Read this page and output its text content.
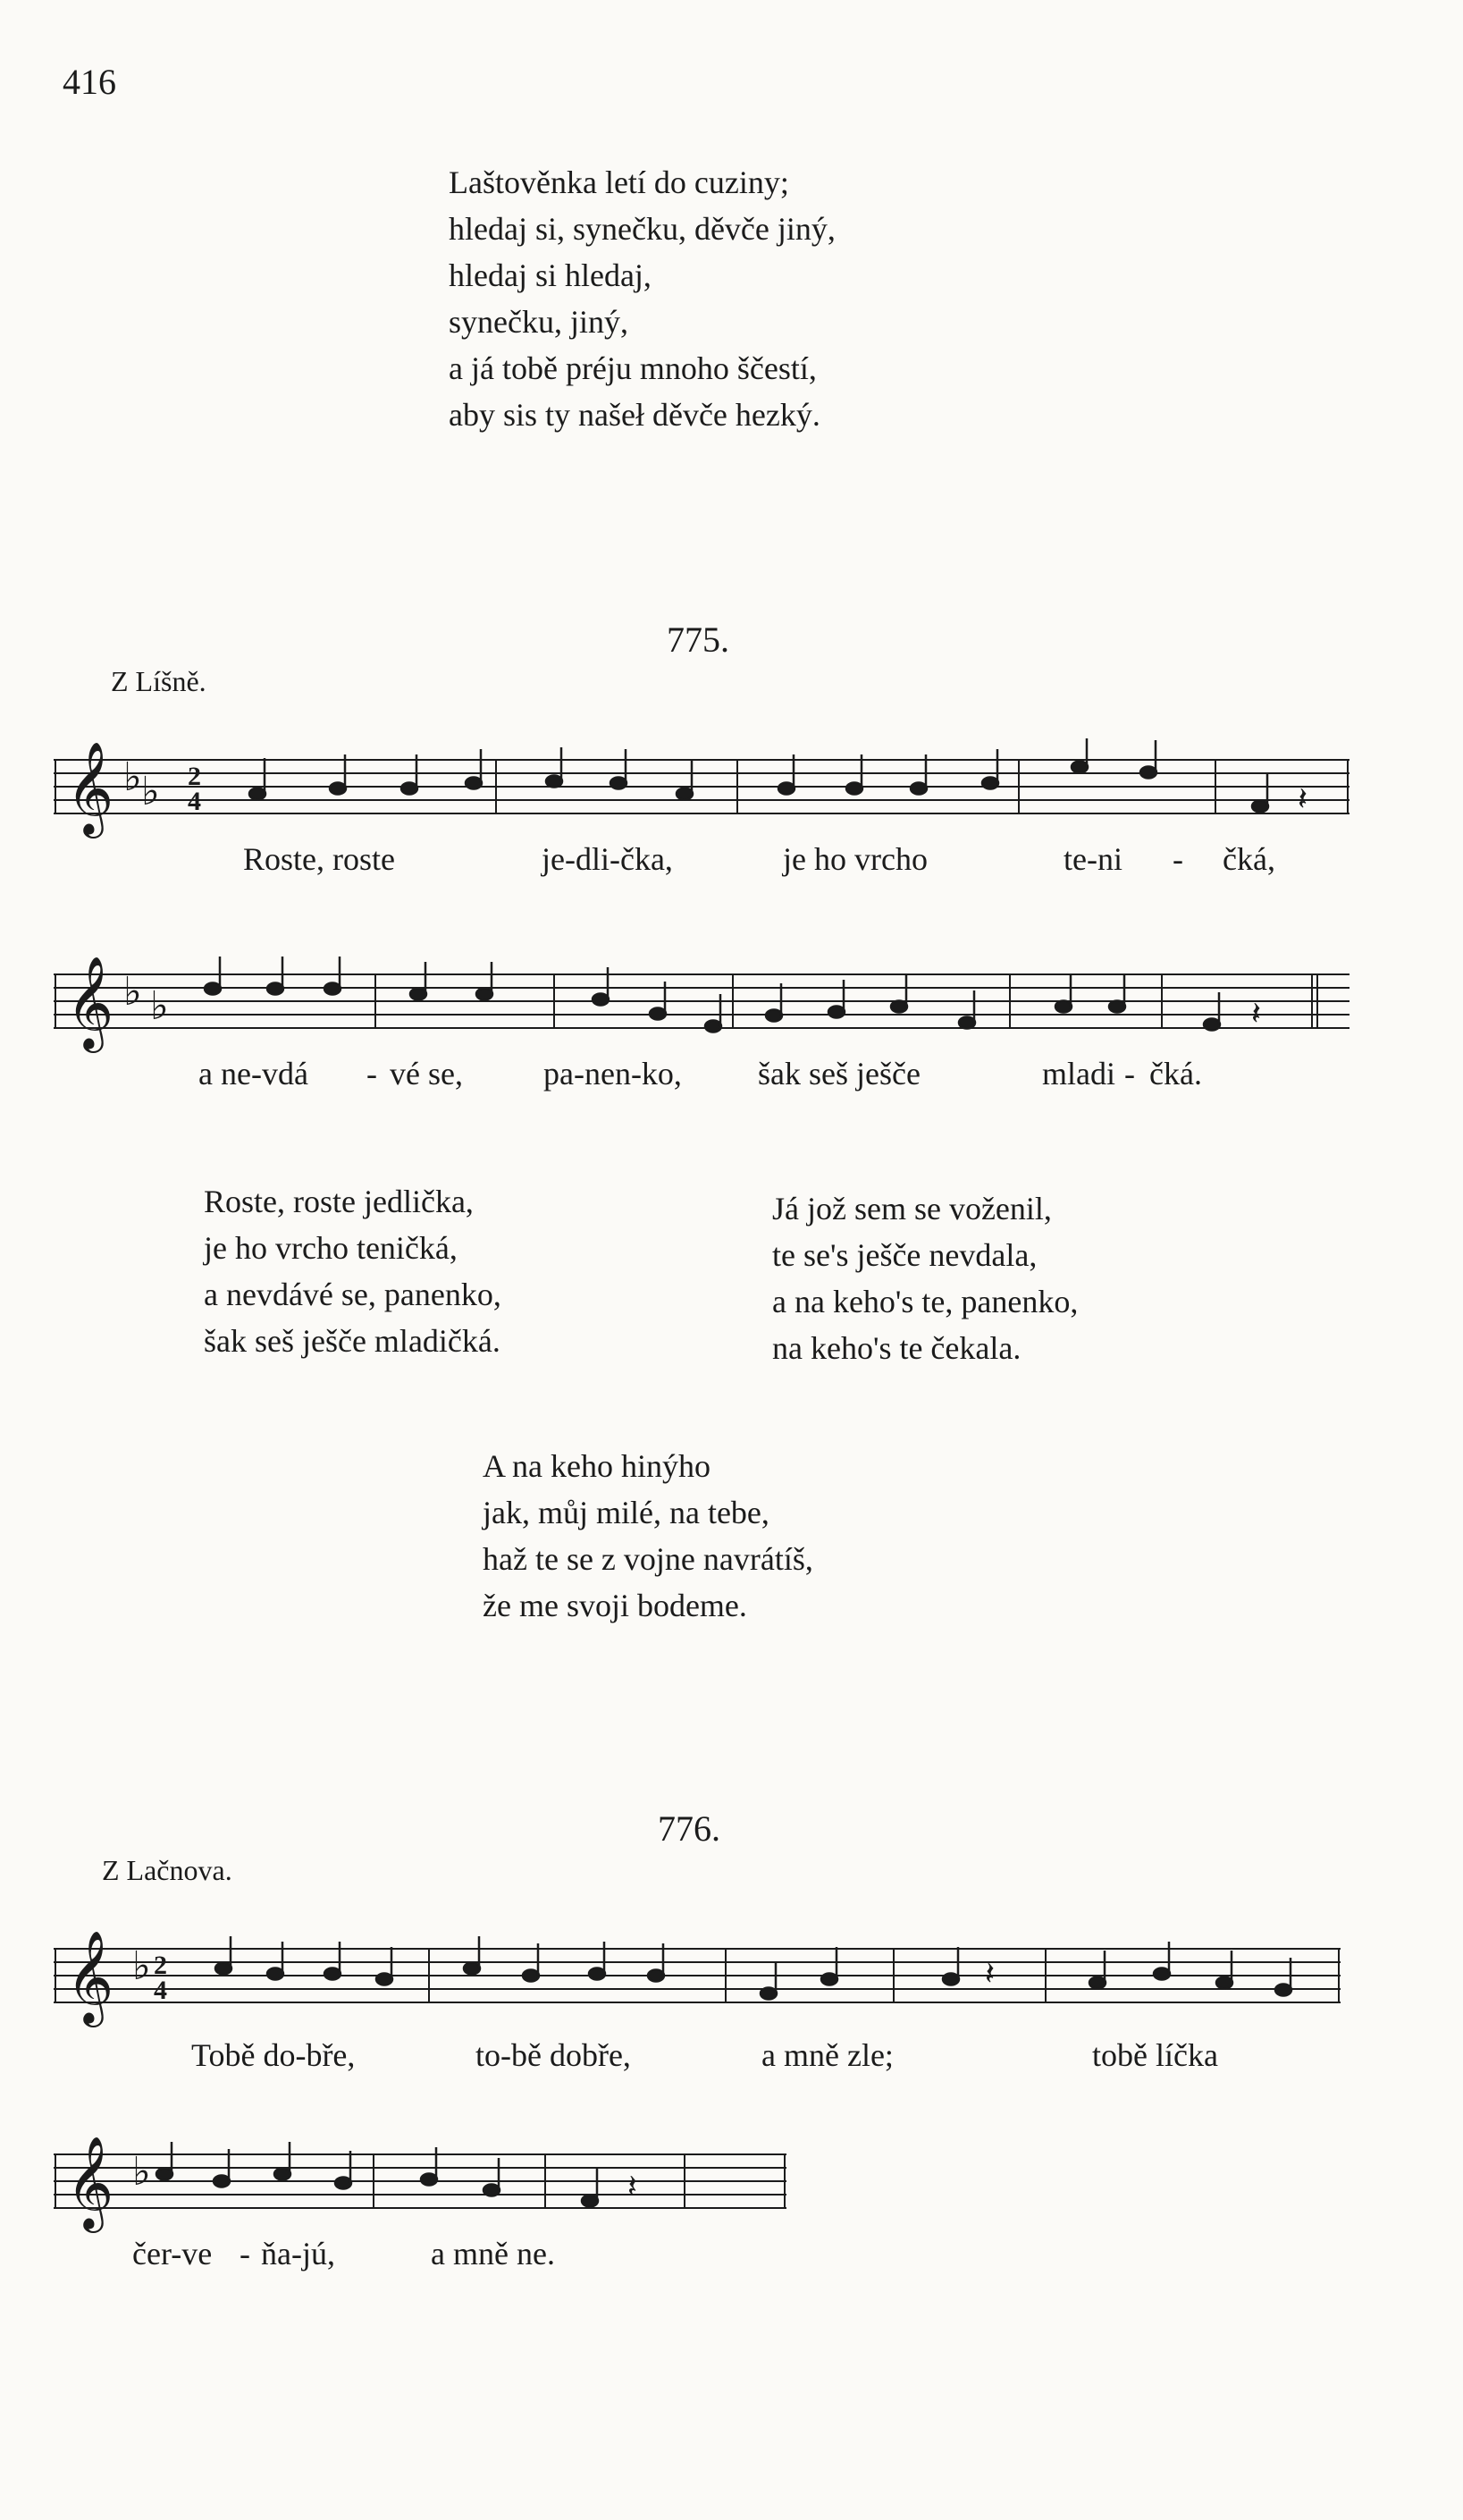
416
Laštověnka letí do cuziny;
hledaj si, synečku, děvče jiný,
hledaj si hledaj,
synečku, jiný,
a já tobě préju mnoho ščestí,
aby sis ty našeł děvče hezký.
775.
Z Líšně.
𝄞 ♭ ♭ 2
4	𝄽
Roste, roste	je-dli-čka,	je ho vrcho	te-ni - čká,
𝄞 ♭ ♭	𝄽
a ne-vdá - vé se,	pa-nen-ko, šak seš ješče	mladi - čká.
Roste, roste jedlička,
je ho vrcho teničká,
a nevdávé se, panenko,
šak seš ješče mladičká.
Já jož sem se voženil,
te se's ješče nevdala,
a na keho's te, panenko,
na keho's te čekala.
A na keho hinýho
jak, můj milé, na tebe,
haž te se z vojne navrátíš,
že me svoji bodeme.
776.
Z Lačnova.
𝄞 ♭ 2
4	𝄽
Tobě do-bře,	to-bě dobře,	a mně zle;	tobě líčka
𝄞 ♭	𝄽
čer-ve - ňa-jú,	a mně ne.
